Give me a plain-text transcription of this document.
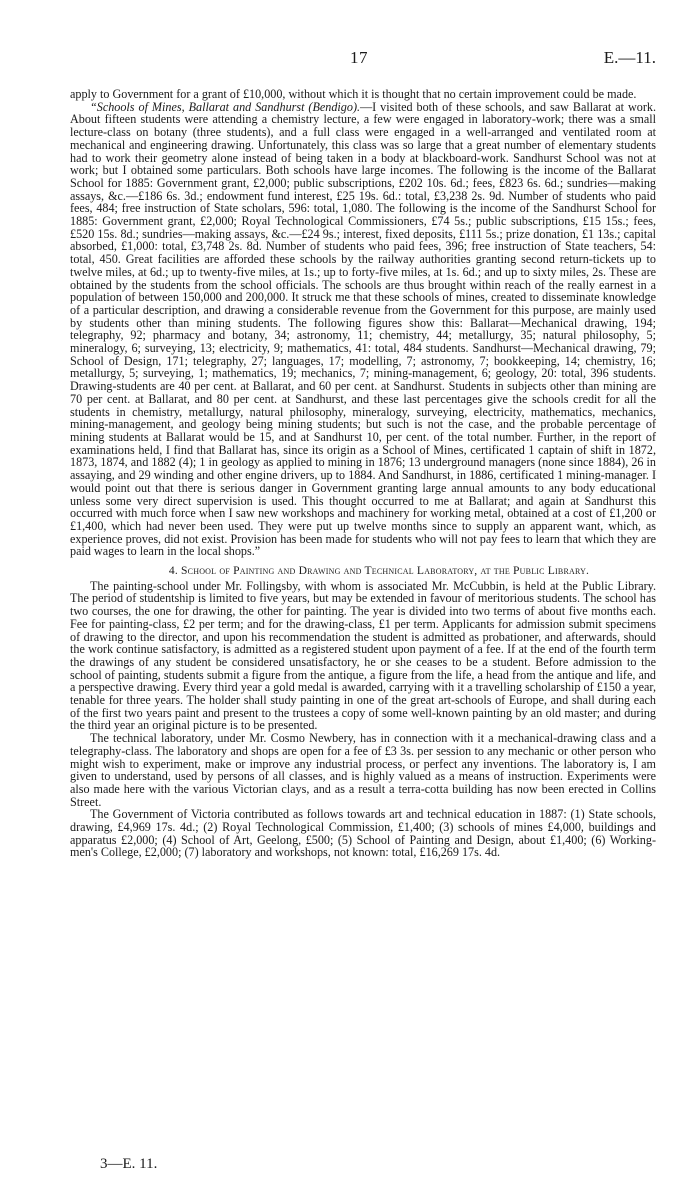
17	E.—11.

apply to Government for a grant of £10,000, without which it is thought that no certain improvement could be made.

“Schools of Mines, Ballarat and Sandhurst (Bendigo).—I visited both of these schools, and saw Ballarat at work. About fifteen students were attending a chemistry lecture, a few were engaged in laboratory-work; there was a small lecture-class on botany (three students), and a full class were engaged in a well-arranged and ventilated room at mechanical and engineering drawing. Unfortunately, this class was so large that a great number of elementary students had to work their geometry alone instead of being taken in a body at blackboard-work. Sandhurst School was not at work; but I obtained some particulars. Both schools have large incomes. The following is the income of the Ballarat School for 1885: Government grant, £2,000; public subscriptions, £202 10s. 6d.; fees, £823 6s. 6d.; sundries—making assays, &c.—£186 6s. 3d.; endowment fund interest, £25 19s. 6d.: total, £3,238 2s. 9d. Number of students who paid fees, 484; free instruction of State scholars, 596: total, 1,080. The following is the income of the Sandhurst School for 1885: Government grant, £2,000; Royal Technological Commissioners, £74 5s.; public subscriptions, £15 15s.; fees, £520 15s. 8d.; sundries—making assays, &c.—£24 9s.; interest, fixed deposits, £111 5s.; prize donation, £1 13s.; capital absorbed, £1,000: total, £3,748 2s. 8d. Number of students who paid fees, 396; free instruction of State teachers, 54: total, 450. Great facilities are afforded these schools by the railway authorities granting second return-tickets up to twelve miles, at 6d.; up to twenty-five miles, at 1s.; up to forty-five miles, at 1s. 6d.; and up to sixty miles, 2s. These are obtained by the students from the school officials. The schools are thus brought within reach of the really earnest in a population of between 150,000 and 200,000. It struck me that these schools of mines, created to disseminate knowledge of a particular description, and drawing a considerable revenue from the Government for this purpose, are mainly used by students other than mining students. The following figures show this: Ballarat—Mechanical drawing, 194; telegraphy, 92; pharmacy and botany, 34; astronomy, 11; chemistry, 44; metallurgy, 35; natural philosophy, 5; mineralogy, 6; surveying, 13; electricity, 9; mathematics, 41: total, 484 students. Sandhurst—Mechanical drawing, 79; School of Design, 171; telegraphy, 27; languages, 17; modelling, 7; astronomy, 7; bookkeeping, 14; chemistry, 16; metallurgy, 5; surveying, 1; mathematics, 19; mechanics, 7; mining-management, 6; geology, 20: total, 396 students. Drawing-students are 40 per cent. at Ballarat, and 60 per cent. at Sandhurst. Students in subjects other than mining are 70 per cent. at Ballarat, and 80 per cent. at Sandhurst, and these last percentages give the schools credit for all the students in chemistry, metallurgy, natural philosophy, mineralogy, surveying, electricity, mathematics, mechanics, mining-management, and geology being mining students; but such is not the case, and the probable percentage of mining students at Ballarat would be 15, and at Sandhurst 10, per cent. of the total number. Further, in the report of examinations held, I find that Ballarat has, since its origin as a School of Mines, certificated 1 captain of shift in 1872, 1873, 1874, and 1882 (4); 1 in geology as applied to mining in 1876; 13 underground managers (none since 1884), 26 in assaying, and 29 winding and other engine drivers, up to 1884. And Sandhurst, in 1886, certificated 1 mining-manager. I would point out that there is serious danger in Government granting large annual amounts to any body educational unless some very direct supervision is used. This thought occurred to me at Ballarat; and again at Sandhurst this occurred with much force when I saw new workshops and machinery for working metal, obtained at a cost of £1,200 or £1,400, which had never been used. They were put up twelve months since to supply an apparent want, which, as experience proves, did not exist. Provision has been made for students who will not pay fees to learn that which they are paid wages to learn in the local shops.”

4. School of Painting and Drawing and Technical Laboratory, at the Public Library.

The painting-school under Mr. Follingsby, with whom is associated Mr. McCubbin, is held at the Public Library. The period of studentship is limited to five years, but may be extended in favour of meritorious students. The school has two courses, the one for drawing, the other for painting. The year is divided into two terms of about five months each. Fee for painting-class, £2 per term; and for the drawing-class, £1 per term. Applicants for admission submit specimens of drawing to the director, and upon his recommendation the student is admitted as probationer, and afterwards, should the work continue satisfactory, is admitted as a registered student upon payment of a fee. If at the end of the fourth term the drawings of any student be considered unsatisfactory, he or she ceases to be a student. Before admission to the school of painting, students submit a figure from the antique, a figure from the life, a head from the antique and life, and a perspective drawing. Every third year a gold medal is awarded, carrying with it a travelling scholarship of £150 a year, tenable for three years. The holder shall study painting in one of the great art-schools of Europe, and shall during each of the first two years paint and present to the trustees a copy of some well-known painting by an old master; and during the third year an original picture is to be presented.

The technical laboratory, under Mr. Cosmo Newbery, has in connection with it a mechanical-drawing class and a telegraphy-class. The laboratory and shops are open for a fee of £3 3s. per session to any mechanic or other person who might wish to experiment, make or improve any industrial process, or perfect any inventions. The laboratory is, I am given to understand, used by persons of all classes, and is highly valued as a means of instruction. Experiments were also made here with the various Victorian clays, and as a result a terra-cotta building has now been erected in Collins Street.

The Government of Victoria contributed as follows towards art and technical education in 1887: (1) State schools, drawing, £4,969 17s. 4d.; (2) Royal Technological Commission, £1,400; (3) schools of mines £4,000, buildings and apparatus £2,000; (4) School of Art, Geelong, £500; (5) School of Painting and Design, about £1,400; (6) Working-men's College, £2,000; (7) laboratory and workshops, not known: total, £16,269 17s. 4d.

3—E. 11.
